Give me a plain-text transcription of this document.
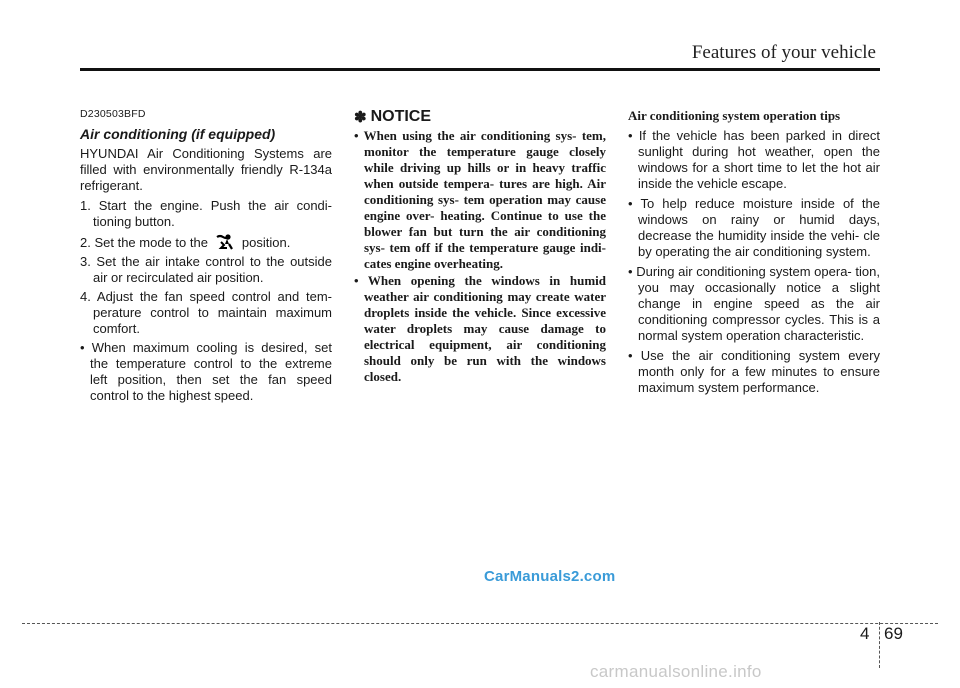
Features of your vehicle

D230503BFD

Air conditioning (if equipped)

HYUNDAI Air Conditioning Systems are filled with environmentally friendly R-134a refrigerant.

1. Start the engine. Push the air condi- tioning button.

2. Set the mode to the	position.

3. Set the air intake control to the outside air or recirculated air position.

4. Adjust the fan speed control and tem- perature control to maintain maximum comfort.

• When maximum cooling is desired, set the temperature control to the extreme left position, then set the fan speed control to the highest speed.

✽ NOTICE

• When using the air conditioning sys- tem, monitor the temperature gauge closely while driving up hills or in heavy traffic when outside tempera- tures are high. Air conditioning sys- tem operation may cause engine over- heating. Continue to use the blower fan but turn the air conditioning sys- tem off if the temperature gauge indi- cates engine overheating.

• When opening the windows in humid weather air conditioning may create water droplets inside the vehicle. Since excessive water droplets may cause damage to electrical equipment, air conditioning should only be run with the windows closed.

Air conditioning system operation tips

• If the vehicle has been parked in direct sunlight during hot weather, open the windows for a short time to let the hot air inside the vehicle escape.

• To help reduce moisture inside of the windows on rainy or humid days, decrease the humidity inside the vehi- cle by operating the air conditioning system.

• During air conditioning system opera- tion, you may occasionally notice a slight change in engine speed as the air conditioning compressor cycles. This is a normal system operation characteristic.

• Use the air conditioning system every month only for a few minutes to ensure maximum system performance.

CarManuals2.com
4 69
carmanualsonline.info
